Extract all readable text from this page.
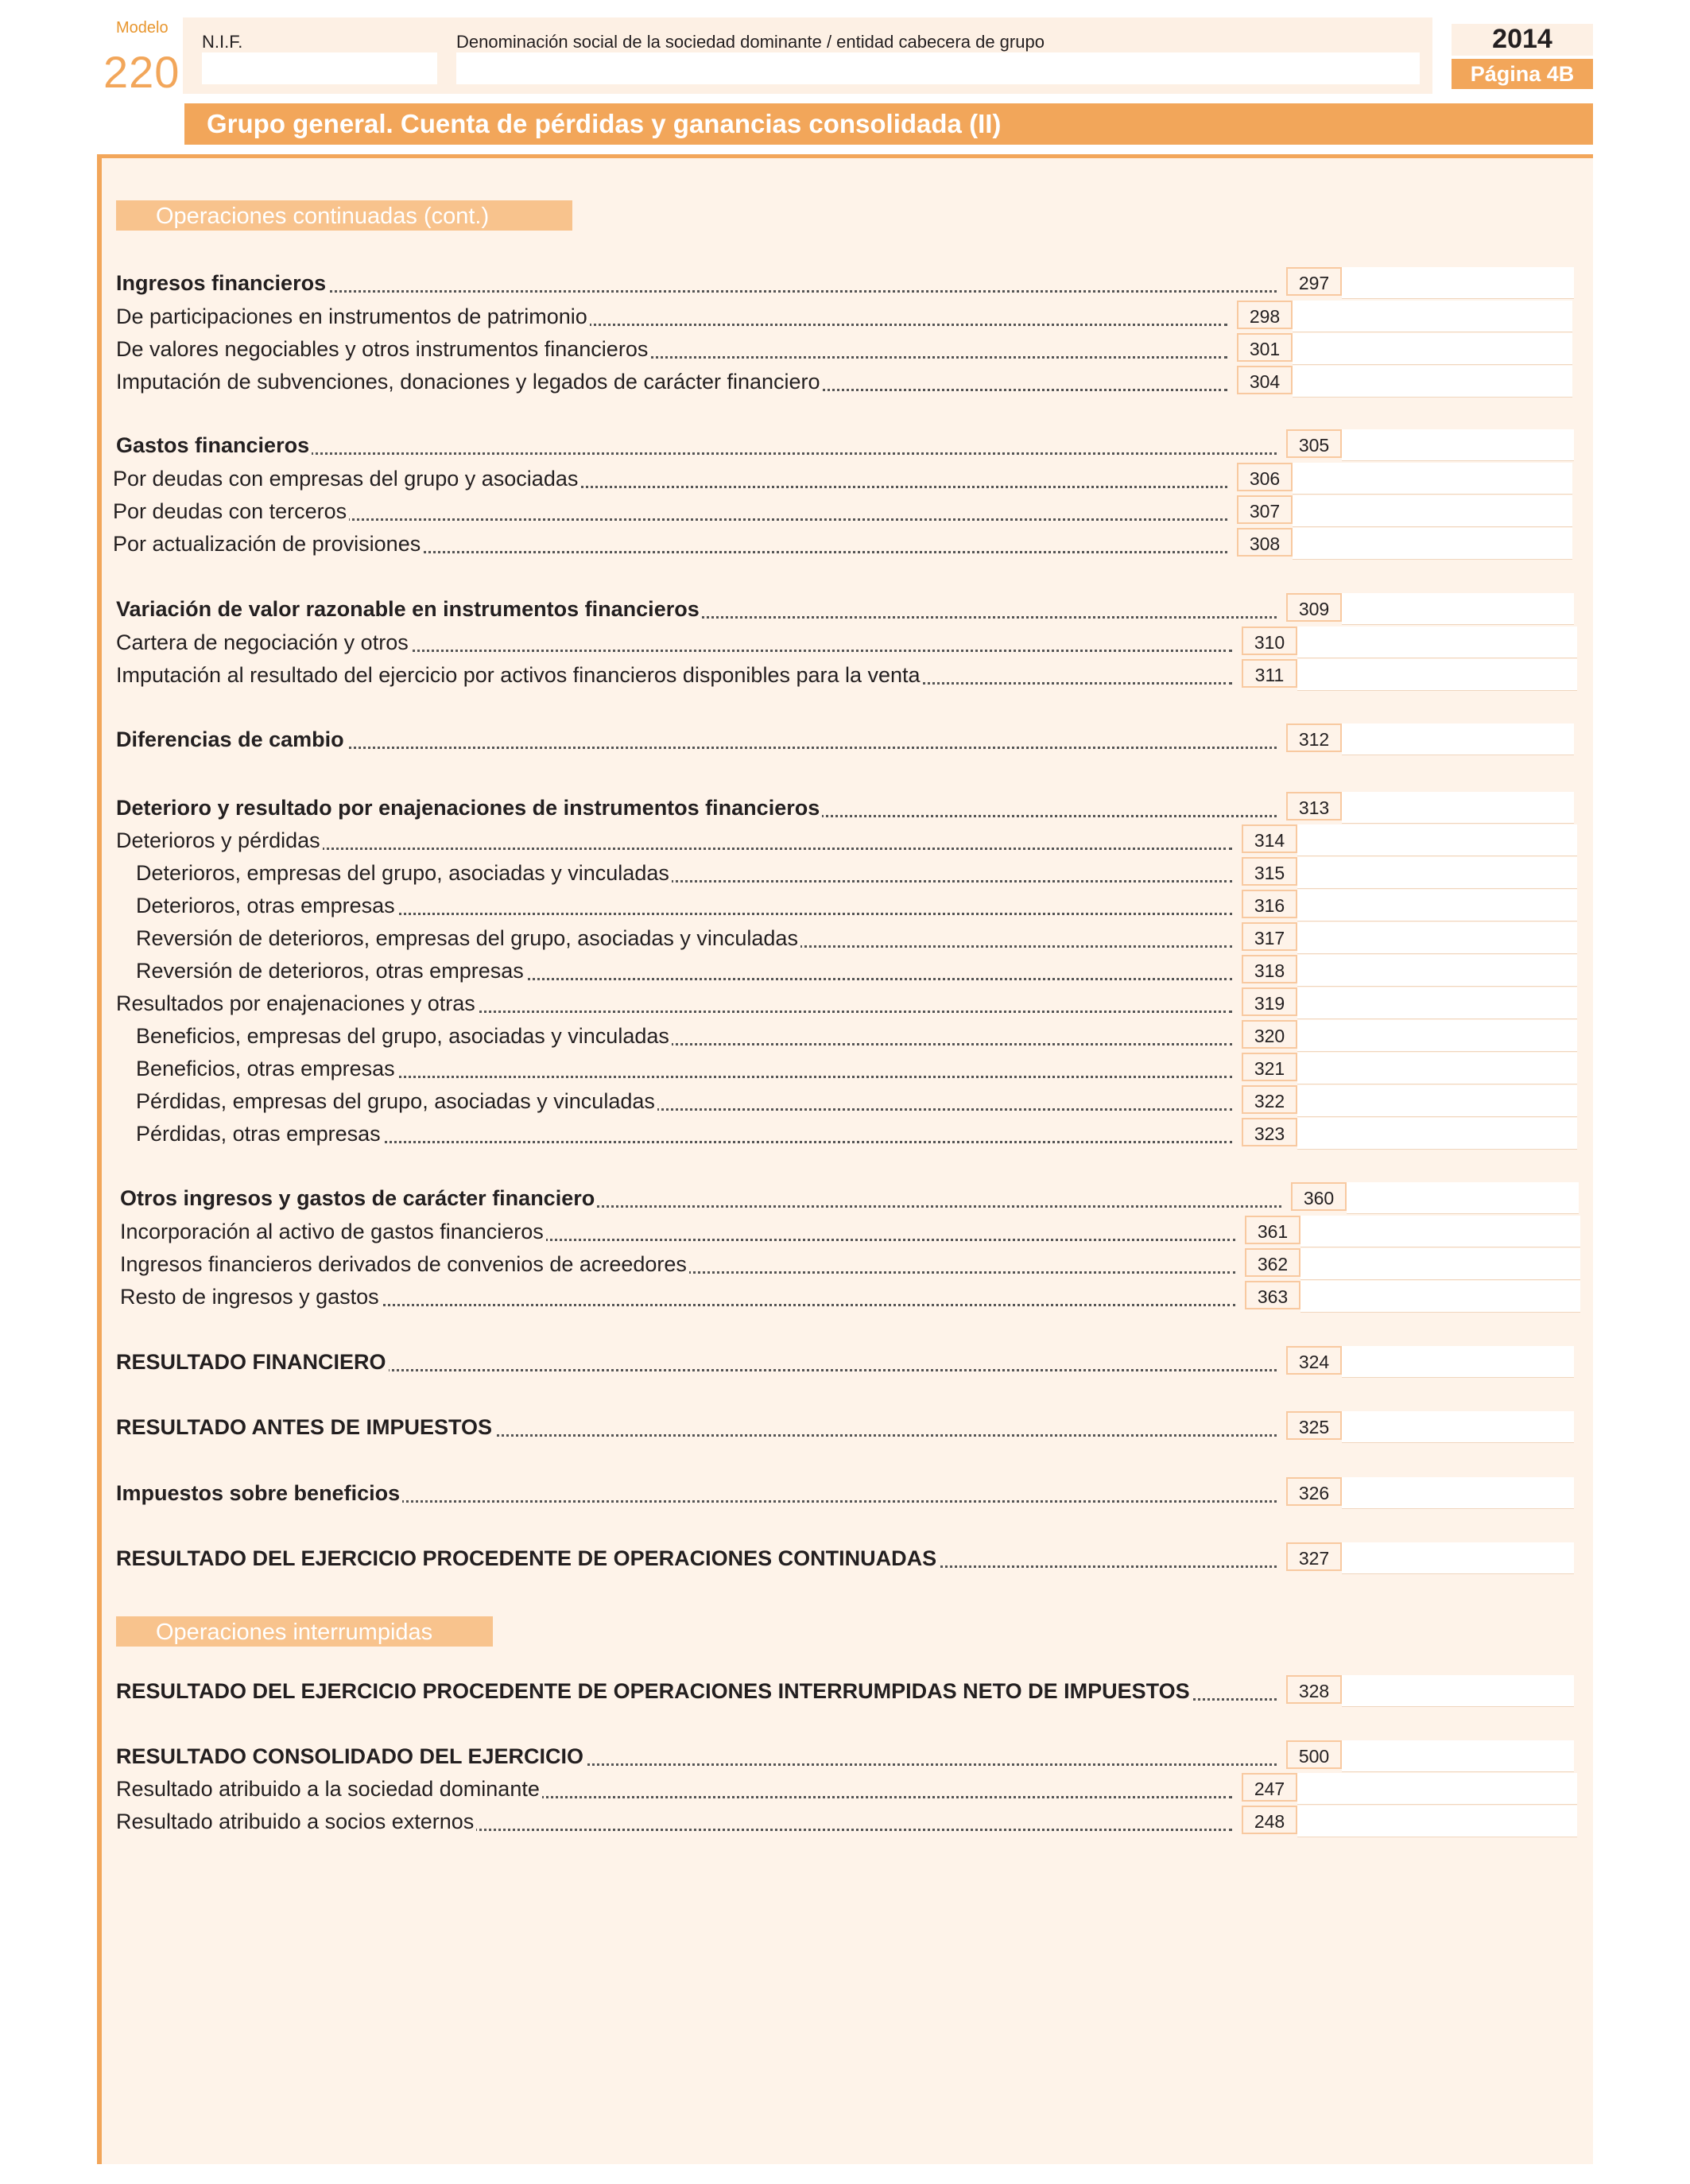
Modelo
220
N.I.F.	Denominación social de la sociedad dominante / entidad cabecera de grupo	2014
Página 4B
Grupo general. Cuenta de pérdidas y ganancias consolidada (II)
Operaciones continuadas (cont.)
Operaciones interrumpidas
Ingresos financieros	297
De participaciones en instrumentos de patrimonio	298
De valores negociables y otros instrumentos financieros	301
Imputación de subvenciones, donaciones y legados de carácter financiero	304
Gastos financieros	305
Por deudas con empresas del grupo y asociadas	306
Por deudas con terceros	307
Por actualización de provisiones	308
Variación de valor razonable en instrumentos financieros	309
Cartera de negociación y otros	310
Imputación al resultado del ejercicio por activos financieros disponibles para la venta	311
Diferencias de cambio	312
Deterioro y resultado por enajenaciones de instrumentos financieros	313
Deterioros y pérdidas	314
Deterioros, empresas del grupo, asociadas y vinculadas	315
Deterioros, otras empresas	316
Reversión de deterioros, empresas del grupo, asociadas y vinculadas	317
Reversión de deterioros, otras empresas	318
Resultados por enajenaciones y otras	319
Beneficios, empresas del grupo, asociadas y vinculadas	320
Beneficios, otras empresas	321
Pérdidas, empresas del grupo, asociadas y vinculadas	322
Pérdidas, otras empresas	323
Otros ingresos y gastos de carácter financiero	360
Incorporación al activo de gastos financieros	361
Ingresos financieros derivados de convenios de acreedores	362
Resto de ingresos y gastos	363
RESULTADO FINANCIERO	324
RESULTADO ANTES DE IMPUESTOS	325
Impuestos sobre beneficios	326
RESULTADO DEL EJERCICIO PROCEDENTE DE OPERACIONES CONTINUADAS	327
RESULTADO DEL EJERCICIO PROCEDENTE DE OPERACIONES INTERRUMPIDAS NETO DE IMPUESTOS	328
RESULTADO CONSOLIDADO DEL EJERCICIO	500
Resultado atribuido a la sociedad dominante	247
Resultado atribuido a socios externos	248
